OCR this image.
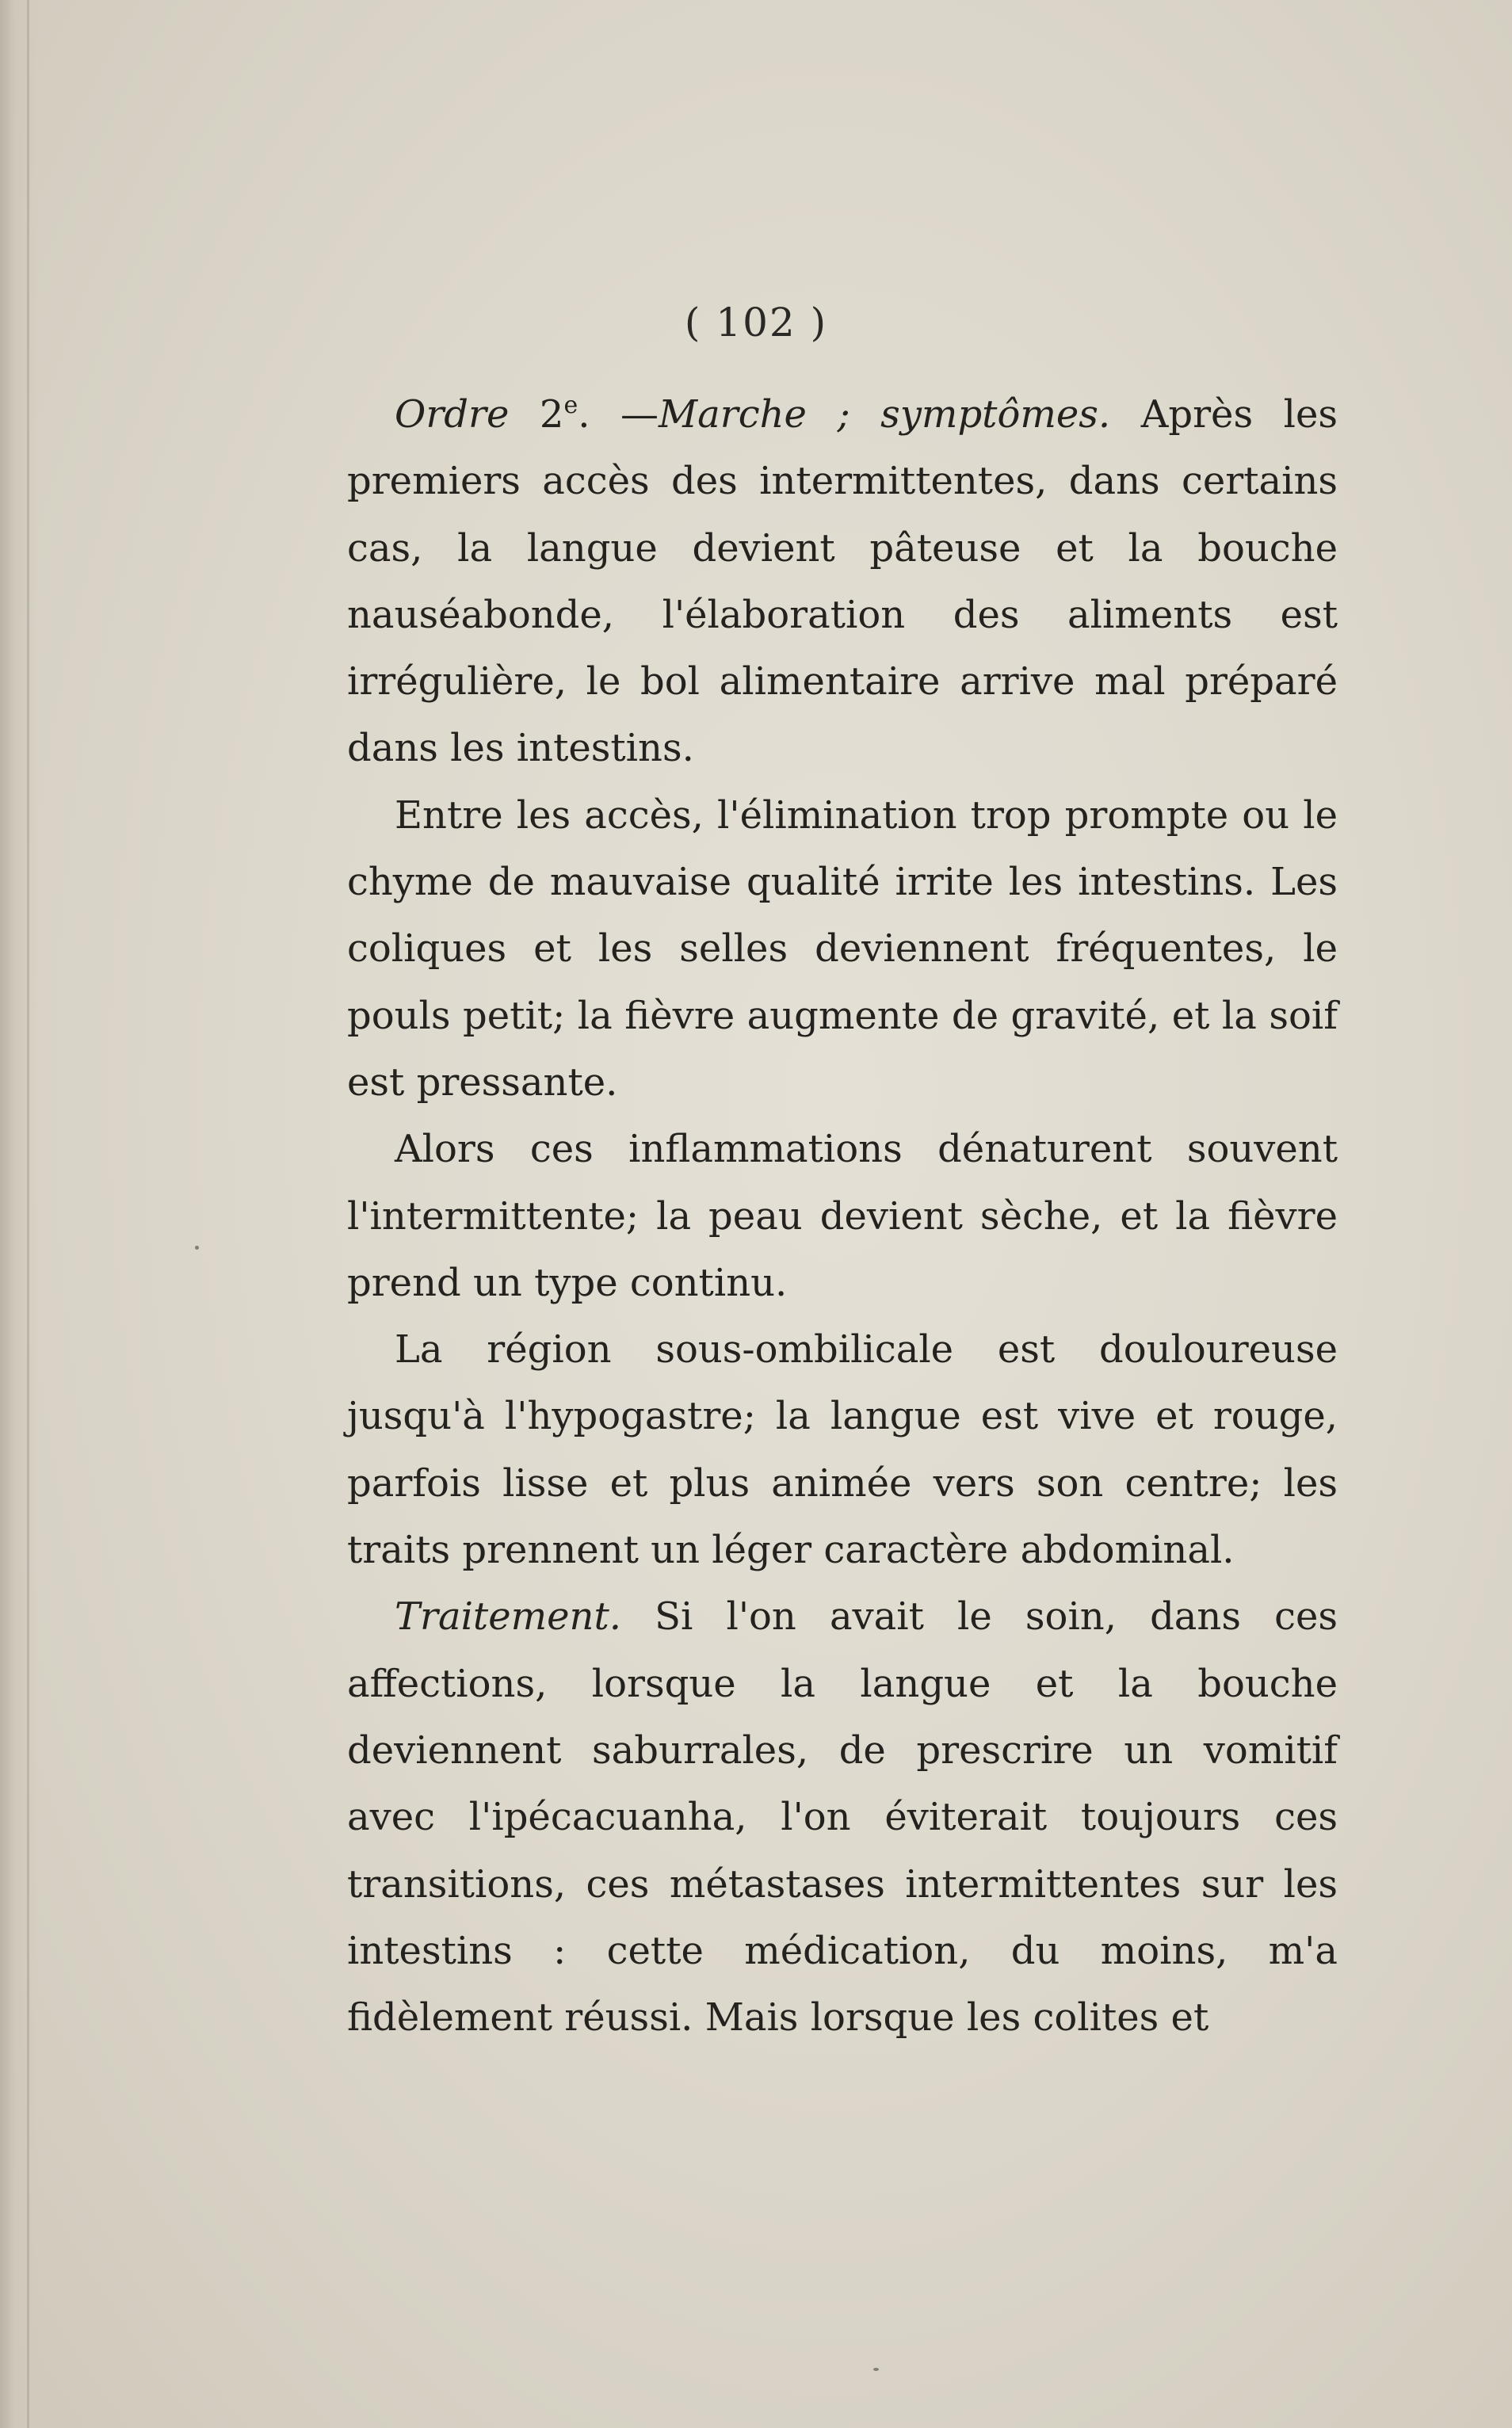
( 102 )

Ordre 2e. —Marche ; symptômes. Après les premiers accès des intermittentes, dans certains cas, la langue devient pâteuse et la bouche nauséabonde, l'élaboration des aliments est irrégulière, le bol alimentaire arrive mal préparé dans les intestins.

Entre les accès, l'élimination trop prompte ou le chyme de mauvaise qualité irrite les intestins. Les coliques et les selles deviennent fréquentes, le pouls petit; la fièvre augmente de gravité, et la soif est pressante.

Alors ces inflammations dénaturent souvent l'intermittente; la peau devient sèche, et la fièvre prend un type continu.

La région sous-ombilicale est douloureuse jusqu'à l'hypogastre; la langue est vive et rouge, parfois lisse et plus animée vers son centre; les traits prennent un léger caractère abdominal.

Traitement. Si l'on avait le soin, dans ces affections, lorsque la langue et la bouche deviennent saburrales, de prescrire un vomitif avec l'ipécacuanha, l'on éviterait toujours ces transitions, ces métastases intermittentes sur les intestins : cette médication, du moins, m'a fidèlement réussi. Mais lorsque les colites et
